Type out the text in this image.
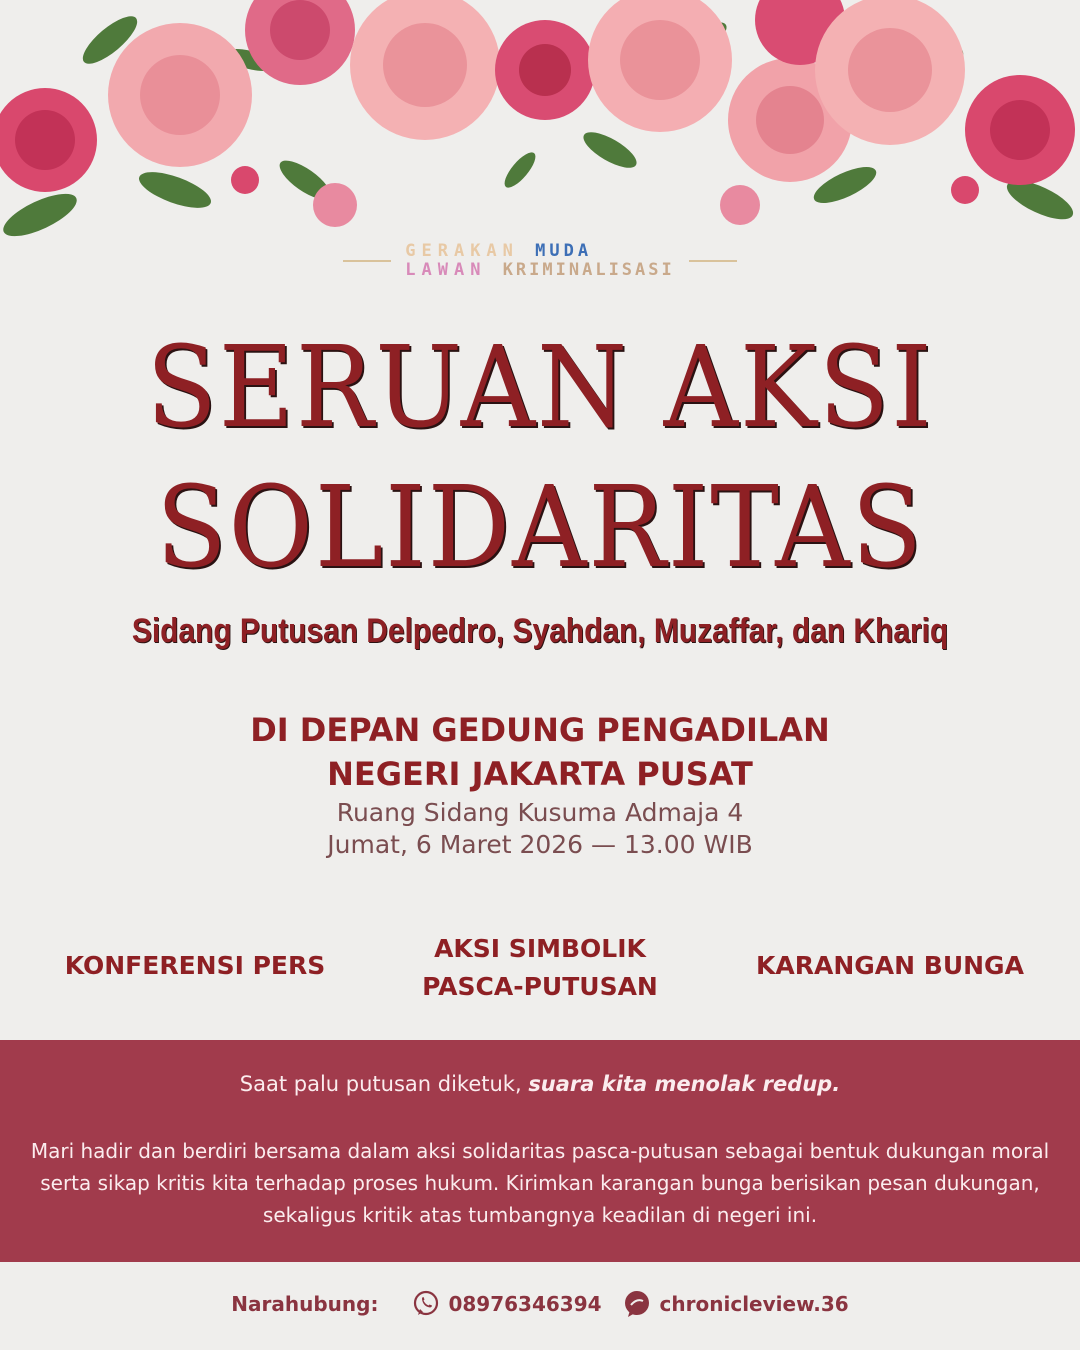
GERAKAN MUDA
LAWAN KRIMINALISASI
SERUAN AKSI
SOLIDARITAS
Sidang Putusan Delpedro, Syahdan, Muzaffar, dan Khariq
DI DEPAN GEDUNG PENGADILAN
NEGERI JAKARTA PUSAT
Ruang Sidang Kusuma Admaja 4
Jumat, 6 Maret 2026 — 13.00 WIB
KONFERENSI PERS
AKSI SIMBOLIK
PASCA-PUTUSAN
KARANGAN BUNGA
Saat palu putusan diketuk, suara kita menolak redup.
Mari hadir dan berdiri bersama dalam aksi solidaritas pasca-putusan sebagai bentuk dukungan moral serta sikap kritis kita terhadap proses hukum. Kirimkan karangan bunga berisikan pesan dukungan, sekaligus kritik atas tumbangnya keadilan di negeri ini.
Narahubung:	08976346394	chronicleview.36
